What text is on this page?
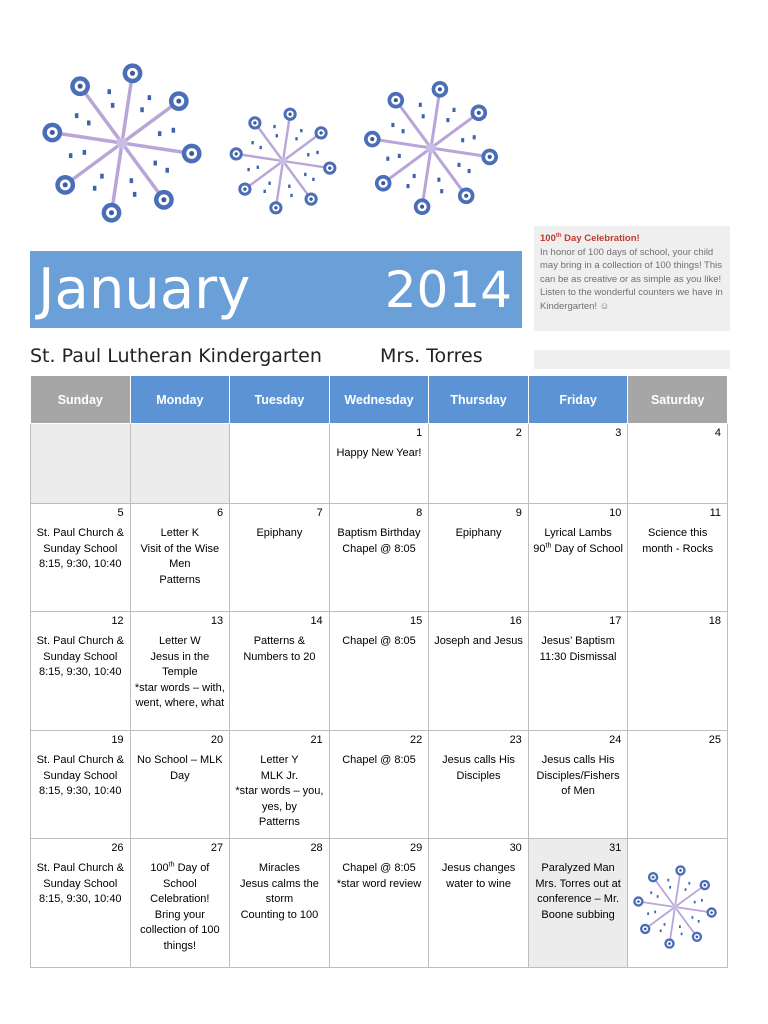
January	2014
100th Day Celebration!
In honor of 100 days of school, your child may bring in a collection of 100 things! This can be as creative or as simple as you like! Listen to the wonderful counters we have in Kindergarten! ☺
St. Paul Lutheran Kindergarten	Mrs. Torres
Sunday	Monday	Tuesday	Wednesday	Thursday	Friday	Saturday

			1
Happy New Year!	2	3	4

5
St. Paul Church & Sunday School
8:15, 9:30, 10:40	6
Letter K
Visit of the Wise Men
Patterns	7
Epiphany	8
Baptism Birthday Chapel @ 8:05	9
Epiphany	10
Lyrical Lambs
90th Day of School	11
Science this month - Rocks

12
St. Paul Church & Sunday School
8:15, 9:30, 10:40	13
Letter W
Jesus in the Temple
*star words – with, went, where, what	14
Patterns & Numbers to 20	15
Chapel @ 8:05	16
Joseph and Jesus	17
Jesus’ Baptism
11:30 Dismissal	18

19
St. Paul Church & Sunday School
8:15, 9:30, 10:40	20
No School – MLK Day	21
Letter Y
MLK Jr.
*star words – you, yes, by
Patterns	22
Chapel @ 8:05	23
Jesus calls His Disciples	24
Jesus calls His Disciples/Fishers of Men	25

26
St. Paul Church & Sunday School
8:15, 9:30, 10:40	27
100th Day of School Celebration!
Bring your collection of 100 things!	28
Miracles
Jesus calms the storm
Counting to 100	29
Chapel @ 8:05
*star word review	30
Jesus changes water to wine	31
Paralyzed Man
Mrs. Torres out at conference – Mr. Boone subbing
